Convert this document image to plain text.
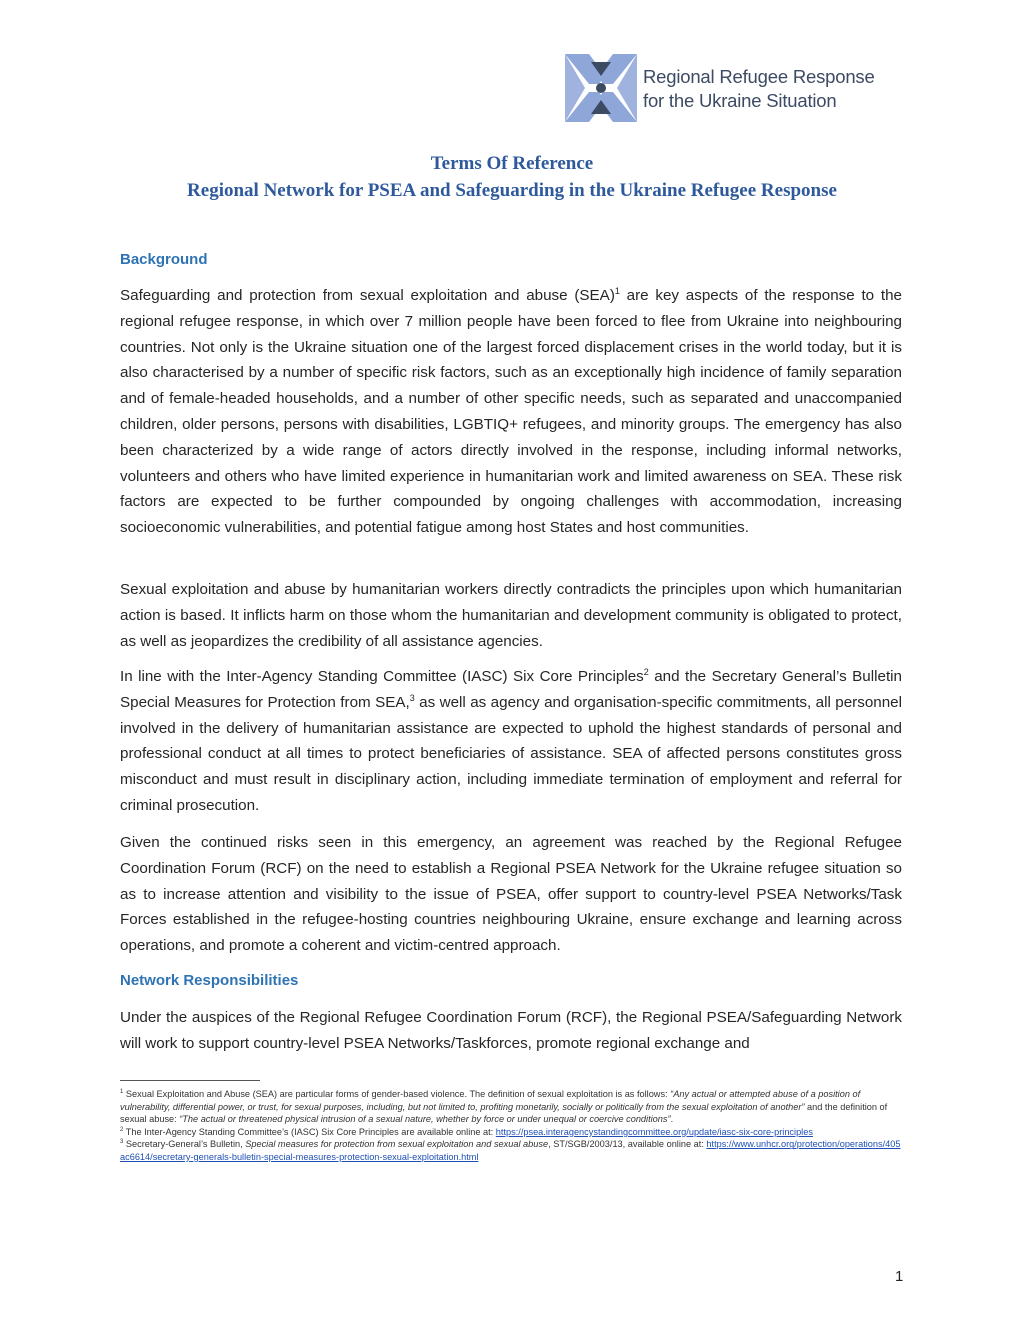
Regional Refugee Response
for the Ukraine Situation
Terms Of Reference
Regional Network for PSEA and Safeguarding in the Ukraine Refugee Response
Background

Safeguarding and protection from sexual exploitation and abuse (SEA)$^1$ are key aspects of the response to the regional refugee response, in which over 7 million people have been forced to flee from Ukraine into neighbouring countries. Not only is the Ukraine situation one of the largest forced displacement crises in the world today, but it is also characterised by a number of specific risk factors, such as an exceptionally high incidence of family separation and of female-headed households, and a number of other specific needs, such as separated and unaccompanied children, older persons, persons with disabilities, LGBTIQ+ refugees, and minority groups. The emergency has also been characterized by a wide range of actors directly involved in the response, including informal networks, volunteers and others who have limited experience in humanitarian work and limited awareness on SEA. These risk factors are expected to be further compounded by ongoing challenges with accommodation, increasing socioeconomic vulnerabilities, and potential fatigue among host States and host communities.

Sexual exploitation and abuse by humanitarian workers directly contradicts the principles upon which humanitarian action is based. It inflicts harm on those whom the humanitarian and development community is obligated to protect, as well as jeopardizes the credibility of all assistance agencies.

In line with the Inter-Agency Standing Committee (IASC) Six Core Principles$^2$ and the Secretary General’s Bulletin Special Measures for Protection from SEA,$^3$ as well as agency and organisation-specific commitments, all personnel involved in the delivery of humanitarian assistance are expected to uphold the highest standards of personal and professional conduct at all times to protect beneficiaries of assistance. SEA of affected persons constitutes gross misconduct and must result in disciplinary action, including immediate termination of employment and referral for criminal prosecution.

Given the continued risks seen in this emergency, an agreement was reached by the Regional Refugee Coordination Forum (RCF) on the need to establish a Regional PSEA Network for the Ukraine refugee situation so as to increase attention and visibility to the issue of PSEA, offer support to country-level PSEA Networks/Task Forces established in the refugee-hosting countries neighbouring Ukraine, ensure exchange and learning across operations, and promote a coherent and victim-centred approach.

Network Responsibilities

Under the auspices of the Regional Refugee Coordination Forum (RCF), the Regional PSEA/Safeguarding Network will work to support country-level PSEA Networks/Taskforces, promote regional exchange and

$^1$ Sexual Exploitation and Abuse (SEA) are particular forms of gender-based violence. The definition of sexual exploitation is as follows: “Any actual or attempted abuse of a position of vulnerability, differential power, or trust, for sexual purposes, including, but not limited to, profiting monetarily, socially or politically from the sexual exploitation of another” and the definition of sexual abuse: “The actual or threatened physical intrusion of a sexual nature, whether by force or under unequal or coercive conditions”.

$^2$ The Inter-Agency Standing Committee’s (IASC) Six Core Principles are available online at: https://psea.interagencystandingcommittee.org/update/iasc-six-core-principles

$^3$ Secretary-General’s Bulletin, Special measures for protection from sexual exploitation and sexual abuse, ST/SGB/2003/13, available online at: https://www.unhcr.org/protection/operations/405ac6614/secretary-generals-bulletin-special-measures-protection-sexual-exploitation.html

1
